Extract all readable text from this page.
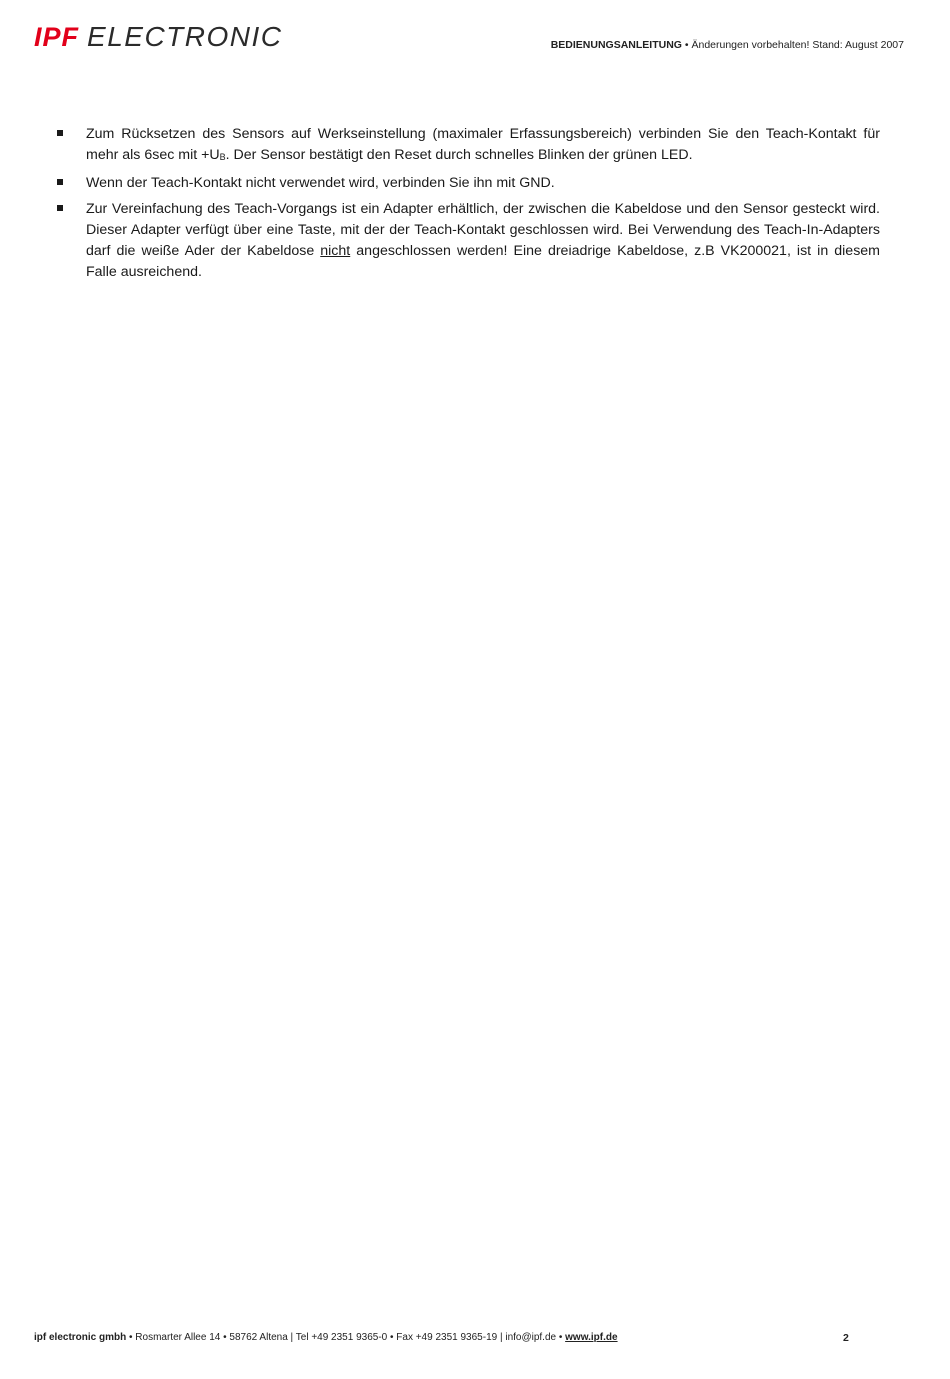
IPF ELECTRONIC	BEDIENUNGSANLEITUNG • Änderungen vorbehalten! Stand: August 2007
Zum Rücksetzen des Sensors auf Werkseinstellung (maximaler Erfassungsbereich) verbinden Sie den Teach-Kontakt für mehr als 6sec mit +UB. Der Sensor bestätigt den Reset durch schnelles Blinken der grünen LED.
Wenn der Teach-Kontakt nicht verwendet wird, verbinden Sie ihn mit GND.
Zur Vereinfachung des Teach-Vorgangs ist ein Adapter erhältlich, der zwischen die Kabeldose und den Sensor gesteckt wird. Dieser Adapter verfügt über eine Taste, mit der der Teach-Kontakt geschlossen wird. Bei Verwendung des Teach-In-Adapters darf die weiße Ader der Kabeldose nicht angeschlossen werden! Eine dreiadrige Kabeldose, z.B VK200021, ist in diesem Falle ausreichend.
ipf electronic gmbh • Rosmarter Allee 14 • 58762 Altena | Tel +49 2351 9365-0 • Fax +49 2351 9365-19 | info@ipf.de • www.ipf.de	2
